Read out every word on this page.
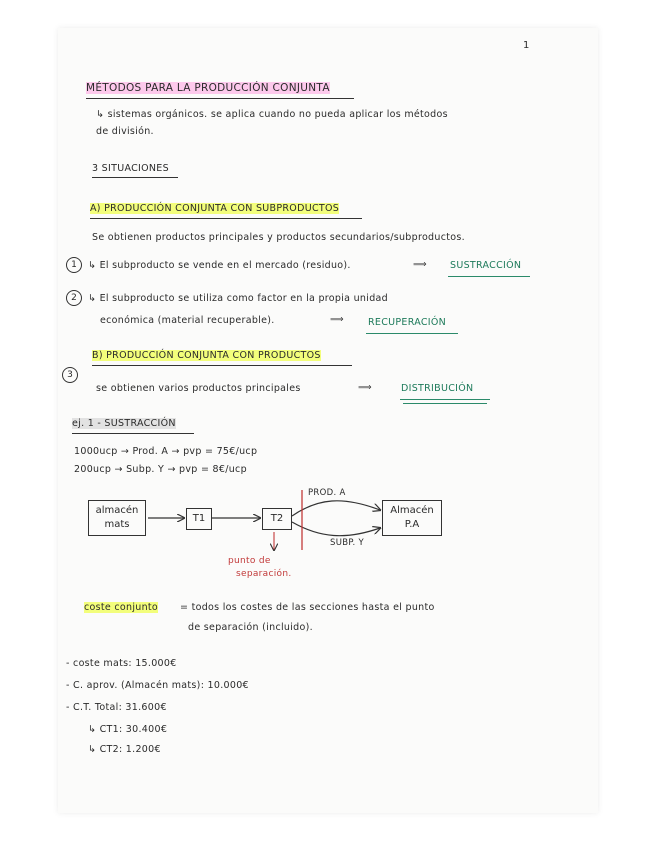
1
MÉTODOS PARA LA PRODUCCIÓN CONJUNTA
↳ sistemas orgánicos. se aplica cuando no pueda aplicar los métodos
de división.
3 SITUACIONES
A) PRODUCCIÓN CONJUNTA CON SUBPRODUCTOS
Se obtienen productos principales y productos secundarios/subproductos.
1	↳ El subproducto se vende en el mercado (residuo).	⟹ SUSTRACCIÓN
2	↳ El subproducto se utiliza como factor en la propia unidad
económica (material recuperable).	⟹	RECUPERACIÓN
B) PRODUCCIÓN CONJUNTA CON PRODUCTOS
3
se obtienen varios productos principales	⟹	DISTRIBUCIÓN
ej. 1 - SUSTRACCIÓN
1000ucp → Prod. A → pvp = 75€/ucp
200ucp → Subp. Y → pvp = 8€/ucp
almacén
mats
T1	T2
Almacén
P.A
PROD. A
SUBP. Y
punto de
separación.
coste conjunto = todos los costes de las secciones hasta el punto
de separación (incluido).
- coste mats: 15.000€
- C. aprov. (Almacén mats): 10.000€
- C.T. Total: 31.600€
↳ CT1: 30.400€
↳ CT2: 1.200€
